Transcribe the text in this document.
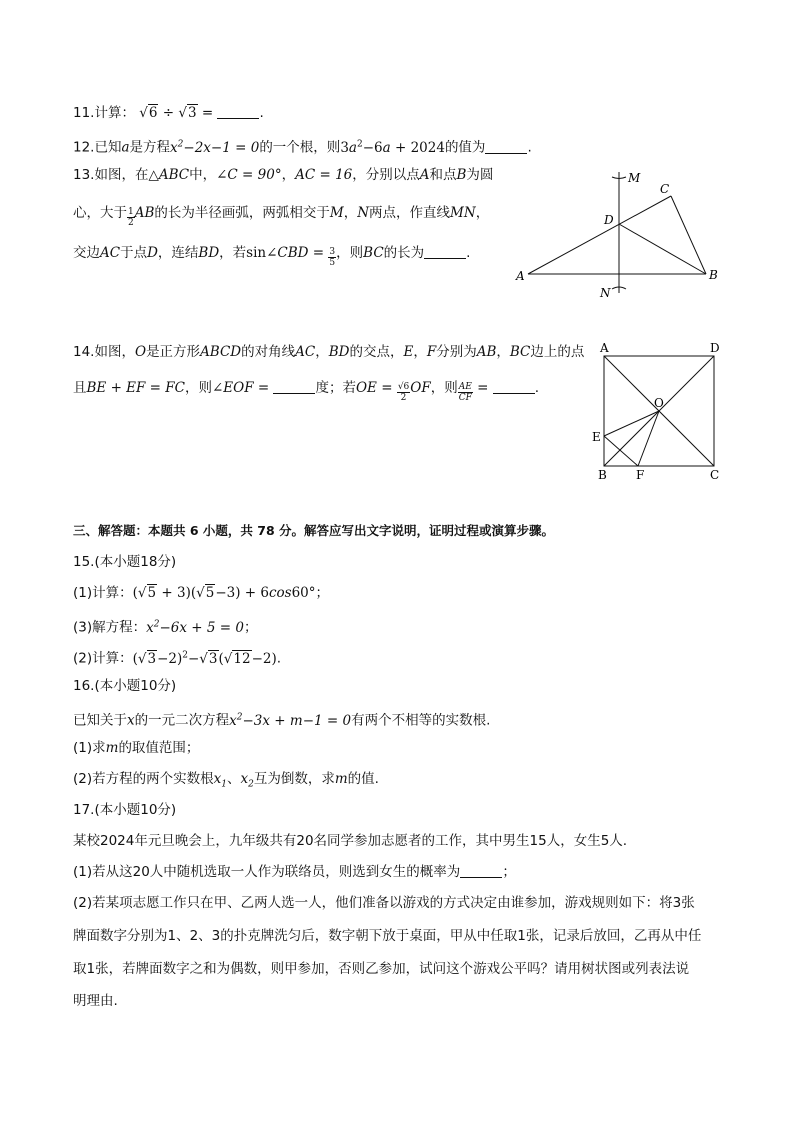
11.计算： √6 ÷ √3 =	.
12.已知a是方程$x^2-2x-1 = 0$的一个根，则$3a^2-6a + 2024$的值为	.
13.如图，在△ABC中，∠C = 90°，AC = 16，分别以点A和点B为圆
心，大于 $\frac{1}{2}$ AB的长为半径画弧，两弧相交于M，N两点，作直线MN，
交边AC于点D，连结BD，若sin∠CBD = $\frac{3}{5}$ ，则BC的长为	.
M
C
D
A	B
N
14.如图，O是正方形ABCD的对角线AC，BD的交点，E，F分别为AB，BC边上的点
且BE + EF = FC，则∠EOF =	度；若OE = $\frac{√6}{2}$ OF，则 $\frac{AE}{CF}$ =	.
A	D
O
E
B F	C
三、解答题：本题共 6 小题，共 78 分。解答应写出文字说明，证明过程或演算步骤。
15.(本小题18分)
(1)计算：(√5 + 3)(√5−3) + 6cos60°；
(3)解方程：$x^2-6x + 5 = 0$；
(2)计算：$(√3-2)^2-√3(√12-2)$.
16.(本小题10分)
已知关于x的一元二次方程$x^2-3x + m-1 = 0$有两个不相等的实数根.
(1)求m的取值范围；
(2)若方程的两个实数根$x_1$、$x_2$互为倒数，求m的值.
17.(本小题10分)
某校2024年元旦晚会上，九年级共有20名同学参加志愿者的工作，其中男生15人，女生5人.
(1)若从这20人中随机选取一人作为联络员，则选到女生的概率为	；
(2)若某项志愿工作只在甲、乙两人选一人，他们准备以游戏的方式决定由谁参加，游戏规则如下：将3张
牌面数字分别为1、2、3的扑克牌洗匀后，数字朝下放于桌面，甲从中任取1张，记录后放回，乙再从中任
取1张，若牌面数字之和为偶数，则甲参加，否则乙参加，试问这个游戏公平吗？请用树状图或列表法说
明理由.
